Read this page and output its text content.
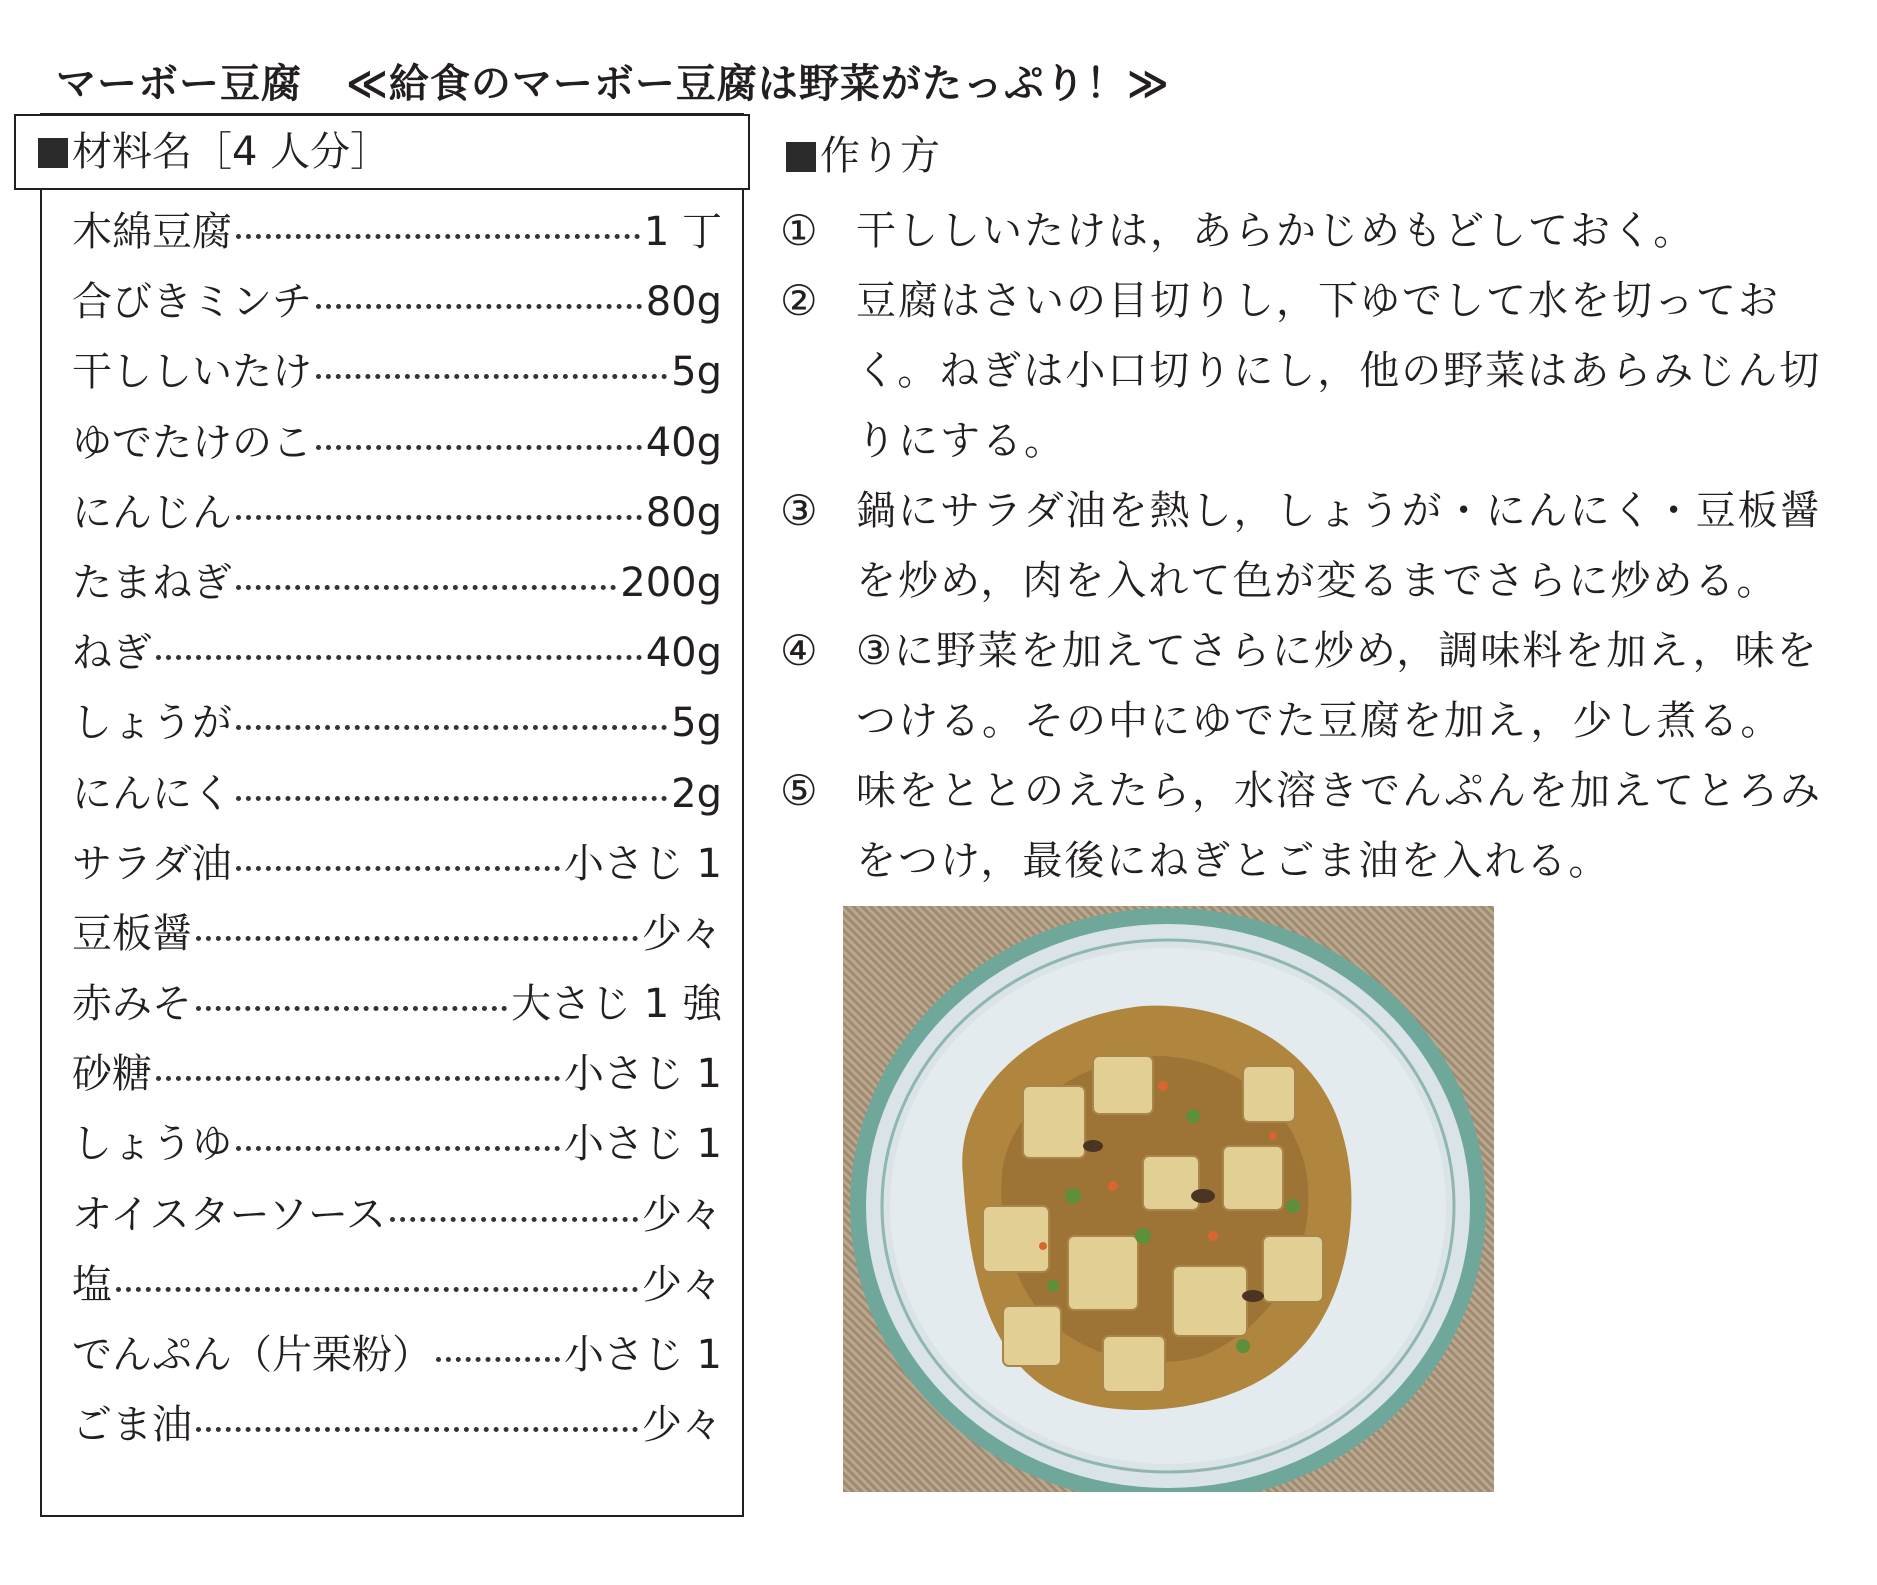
マーボー豆腐 ≪給食のマーボー豆腐は野菜がたっぷり！≫
材料名［4 人分］
木綿豆腐	1 丁
合びきミンチ	80g
干ししいたけ	5g
ゆでたけのこ	40g
にんじん	80g
たまねぎ	200g
ねぎ	40g
しょうが	5g
にんにく	2g
サラダ油	小さじ 1
豆板醤	少々
赤みそ	大さじ 1 強
砂糖	小さじ 1
しょうゆ	小さじ 1
オイスターソース	少々
塩	少々
でんぷん（片栗粉）	小さじ 1
ごま油	少々
作り方
① 干ししいたけは，あらかじめもどしておく。
② 豆腐はさいの目切りし，下ゆでして水を切っておく。ねぎは小口切りにし，他の野菜はあらみじん切りにする。
③ 鍋にサラダ油を熱し，しょうが・にんにく・豆板醤を炒め，肉を入れて色が変るまでさらに炒める。
④ ③に野菜を加えてさらに炒め，調味料を加え，味をつける。その中にゆでた豆腐を加え，少し煮る。
⑤ 味をととのえたら，水溶きでんぷんを加えてとろみをつけ，最後にねぎとごま油を入れる。
